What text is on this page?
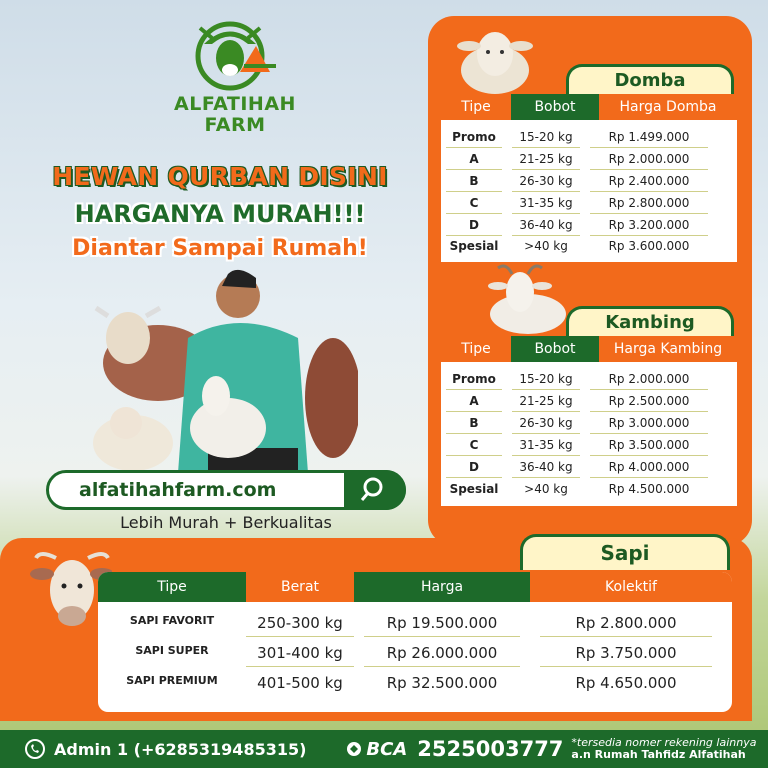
ALFATIHAH
FARM
HEWAN QURBAN DISINI
HARGANYA MURAH!!!
Diantar Sampai Rumah!
alfatihahfarm.com
Lebih Murah + Berkualitas
Domba
Tipe	Bobot	Harga Domba
Promo	15-20 kg	Rp 1.499.000
A	21-25 kg	Rp 2.000.000
B	26-30 kg	Rp 2.400.000
C	31-35 kg	Rp 2.800.000
D	36-40 kg	Rp 3.200.000
Spesial	>40 kg	Rp 3.600.000
Kambing
Tipe	Bobot	Harga Kambing
Promo	15-20 kg	Rp 2.000.000
A	21-25 kg	Rp 2.500.000
B	26-30 kg	Rp 3.000.000
C	31-35 kg	Rp 3.500.000
D	36-40 kg	Rp 4.000.000
Spesial	>40 kg	Rp 4.500.000
Sapi
Tipe	Berat	Harga	Kolektif
SAPI FAVORIT	250-300 kg	Rp 19.500.000	Rp 2.800.000
SAPI SUPER	301-400 kg	Rp 26.000.000	Rp 3.750.000
SAPI PREMIUM	401-500 kg	Rp 32.500.000	Rp 4.650.000
Admin 1 (+6285319485315)	BCA 2525003777 *tersedia nomer rekening lainnya
a.n Rumah Tahfidz Alfatihah
